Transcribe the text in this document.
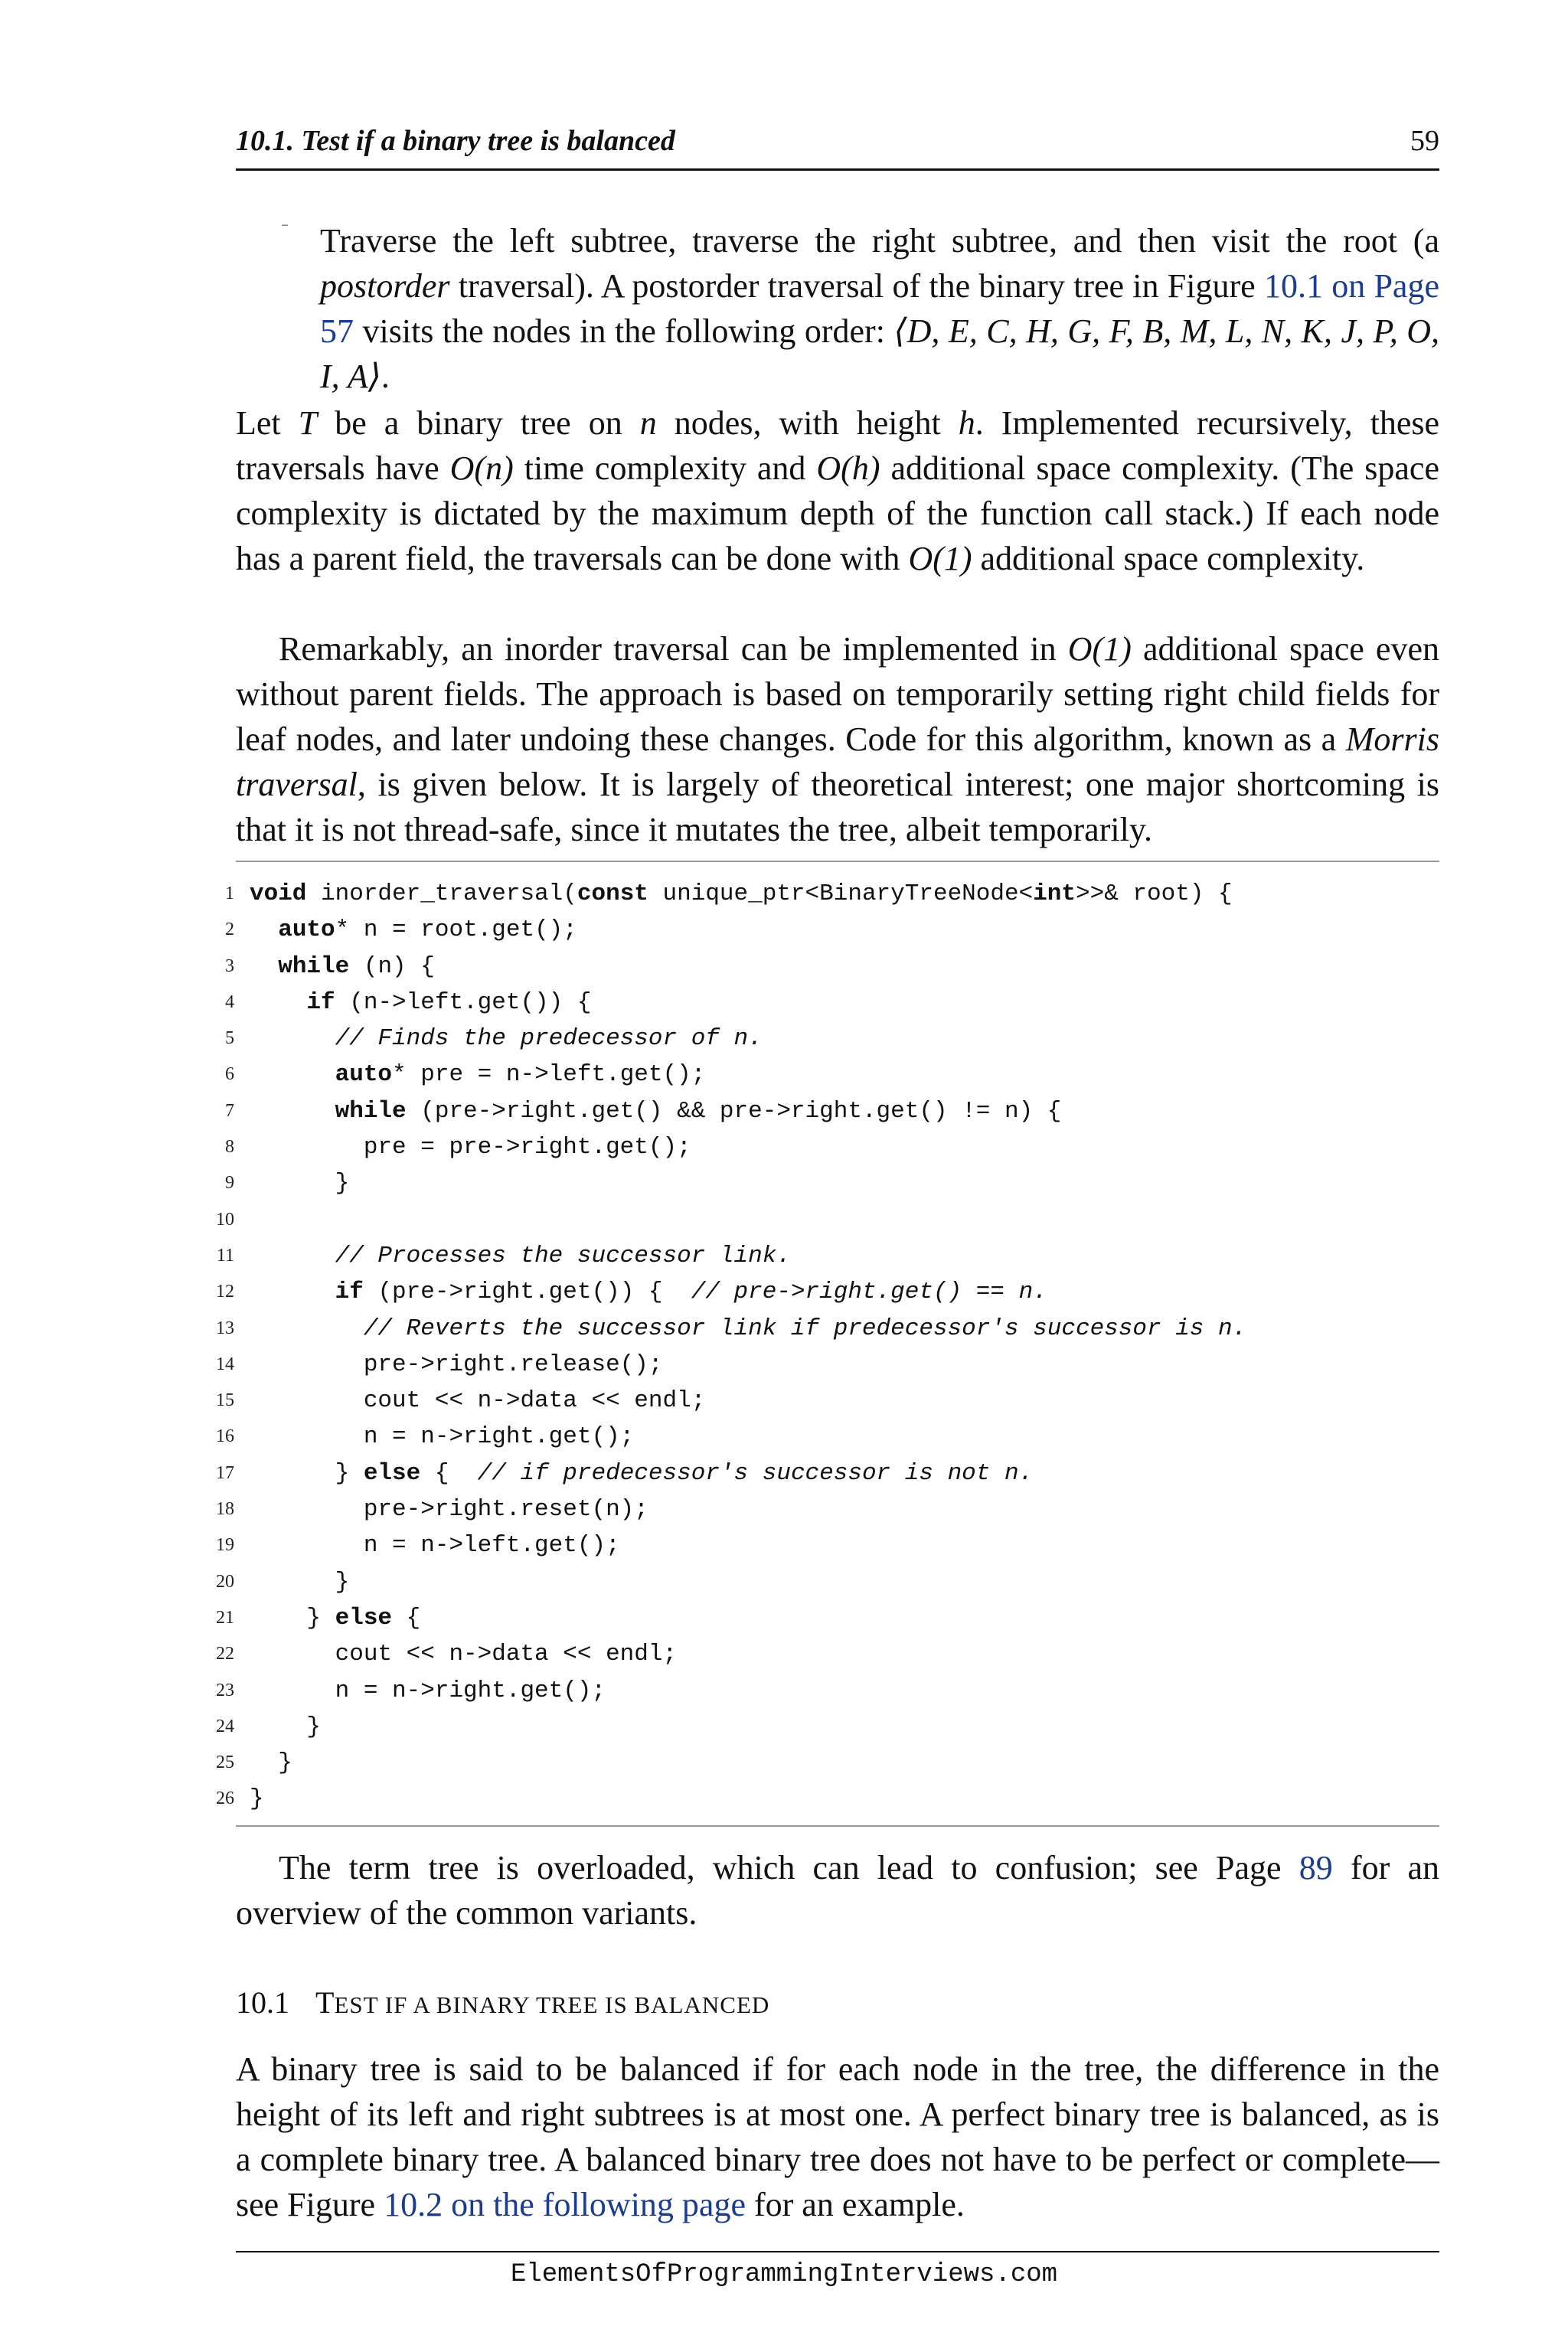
10.1. Test if a binary tree is balanced	59
– Traverse the left subtree, traverse the right subtree, and then visit the root (a postorder traversal). A postorder traversal of the binary tree in Figure 10.1 on Page 57 visits the nodes in the following order: ⟨D, E, C, H, G, F, B, M, L, N, K, J, P, O, I, A⟩.

Let T be a binary tree on n nodes, with height h. Implemented recursively, these traversals have O(n) time complexity and O(h) additional space complexity. (The space complexity is dictated by the maximum depth of the function call stack.) If each node has a parent field, the traversals can be done with O(1) additional space complexity.

Remarkably, an inorder traversal can be implemented in O(1) additional space even without parent fields. The approach is based on temporarily setting right child fields for leaf nodes, and later undoing these changes. Code for this algorithm, known as a Morris traversal, is given below. It is largely of theoretical interest; one major shortcoming is that it is not thread-safe, since it mutates the tree, albeit temporarily.

1 void inorder_traversal(const unique_ptr<BinaryTreeNode<int>>& root) {
2	auto* n = root.get();
3	while (n) {
4	if (n->left.get()) {
5	// Finds the predecessor of n.
6	auto* pre = n->left.get();
7	while (pre->right.get() && pre->right.get() != n) {
8 pre = pre->right.get();
9 }
10
11	// Processes the successor link.
12	if (pre->right.get()) {  // pre->right.get() == n.
13	// Reverts the successor link if predecessor's successor is n.
14 pre->right.release();
15 cout << n->data << endl;
16 n = n->right.get();
17 } else {  // if predecessor's successor is not n.
18 pre->right.reset(n);
19 n = n->left.get();
20 }
21 } else {
22 cout << n->data << endl;
23 n = n->right.get();
24 }
25 }
26 }

The term tree is overloaded, which can lead to confusion; see Page 89 for an overview of the common variants.

10.1 TEST IF A BINARY TREE IS BALANCED

A binary tree is said to be balanced if for each node in the tree, the difference in the height of its left and right subtrees is at most one. A perfect binary tree is balanced, as is a complete binary tree. A balanced binary tree does not have to be perfect or complete—see Figure 10.2 on the following page for an example.

ElementsOfProgrammingInterviews.com
